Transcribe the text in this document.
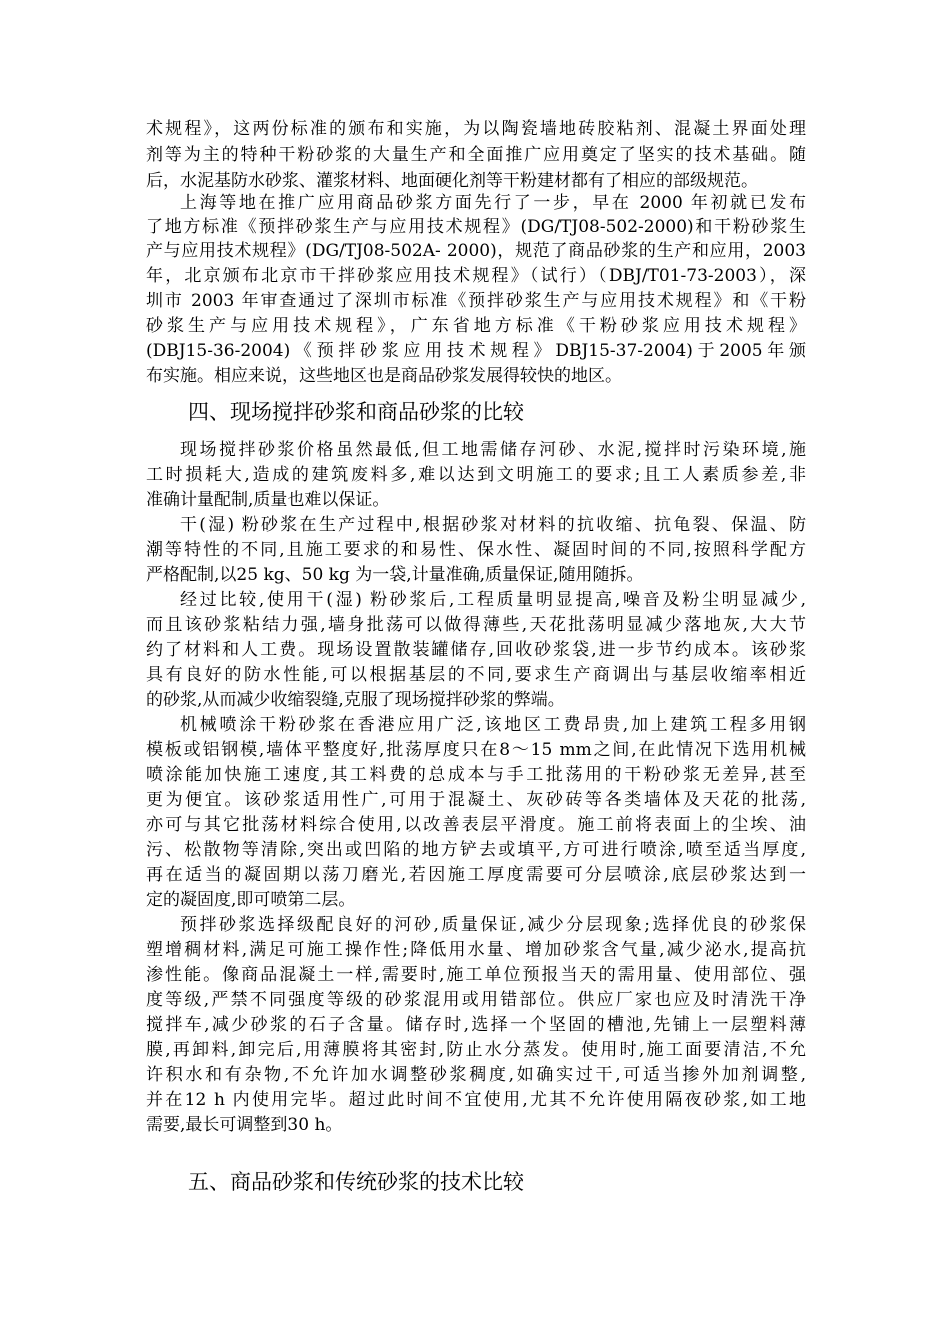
术规程》，这两份标准的颁布和实施，为以陶瓷墙地砖胶粘剂、混凝土界面处理
剂等为主的特种干粉砂浆的大量生产和全面推广应用奠定了坚实的技术基础。随
后，水泥基防水砂浆、灌浆材料、地面硬化剂等干粉建材都有了相应的部级规范。
上海等地在推广应用商品砂浆方面先行了一步，早在 2000 年初就已发布
了地方标准《预拌砂浆生产与应用技术规程》(DG/TJ08-502-2000)和干粉砂浆生
产与应用技术规程》(DG/TJ08-502A- 2000)，规范了商品砂浆的生产和应用，2003
年，北京颁布北京市干拌砂浆应用技术规程》（试行）（DBJ/T01-73-2003），深
圳市 2003 年审查通过了深圳市标准《预拌砂浆生产与应用技术规程》和《干粉
砂浆生产与应用技术规程》，广东省地方标准《干粉砂浆应用技术规程》
(DBJ15-36-2004)《预拌砂浆应用技术规程》DBJ15-37-2004)于2005年颁
布实施。相应来说，这些地区也是商品砂浆发展得较快的地区。
四、现场搅拌砂浆和商品砂浆的比较
现场搅拌砂浆价格虽然最低,但工地需储存河砂、水泥,搅拌时污染环境,施
工时损耗大,造成的建筑废料多,难以达到文明施工的要求;且工人素质参差,非
准确计量配制,质量也难以保证。
干(湿) 粉砂浆在生产过程中,根据砂浆对材料的抗收缩、抗龟裂、保温、防
潮等特性的不同,且施工要求的和易性、保水性、凝固时间的不同,按照科学配方
严格配制,以25 kg、50 kg 为一袋,计量准确,质量保证,随用随拆。
经过比较,使用干(湿) 粉砂浆后,工程质量明显提高,噪音及粉尘明显减少,
而且该砂浆粘结力强,墙身批荡可以做得薄些,天花批荡明显减少落地灰,大大节
约了材料和人工费。现场设置散装罐储存,回收砂浆袋,进一步节约成本。该砂浆
具有良好的防水性能,可以根据基层的不同,要求生产商调出与基层收缩率相近
的砂浆,从而减少收缩裂缝,克服了现场搅拌砂浆的弊端。
机械喷涂干粉砂浆在香港应用广泛,该地区工费昂贵,加上建筑工程多用钢
模板或铝钢模,墙体平整度好,批荡厚度只在8～15 mm之间,在此情况下选用机械
喷涂能加快施工速度,其工料费的总成本与手工批荡用的干粉砂浆无差异,甚至
更为便宜。该砂浆适用性广,可用于混凝土、灰砂砖等各类墙体及天花的批荡,
亦可与其它批荡材料综合使用,以改善表层平滑度。施工前将表面上的尘埃、油
污、松散物等清除,突出或凹陷的地方铲去或填平,方可进行喷涂,喷至适当厚度,
再在适当的凝固期以荡刀磨光,若因施工厚度需要可分层喷涂,底层砂浆达到一
定的凝固度,即可喷第二层。
预拌砂浆选择级配良好的河砂,质量保证,减少分层现象;选择优良的砂浆保
塑增稠材料,满足可施工操作性;降低用水量、增加砂浆含气量,减少泌水,提高抗
渗性能。像商品混凝土一样,需要时,施工单位预报当天的需用量、使用部位、强
度等级,严禁不同强度等级的砂浆混用或用错部位。供应厂家也应及时清洗干净
搅拌车,减少砂浆的石子含量。储存时,选择一个坚固的槽池,先铺上一层塑料薄
膜,再卸料,卸完后,用薄膜将其密封,防止水分蒸发。使用时,施工面要清洁,不允
许积水和有杂物,不允许加水调整砂浆稠度,如确实过干,可适当掺外加剂调整,
并在12 h 内使用完毕。超过此时间不宜使用,尤其不允许使用隔夜砂浆,如工地
需要,最长可调整到30 h。
五、商品砂浆和传统砂浆的技术比较
